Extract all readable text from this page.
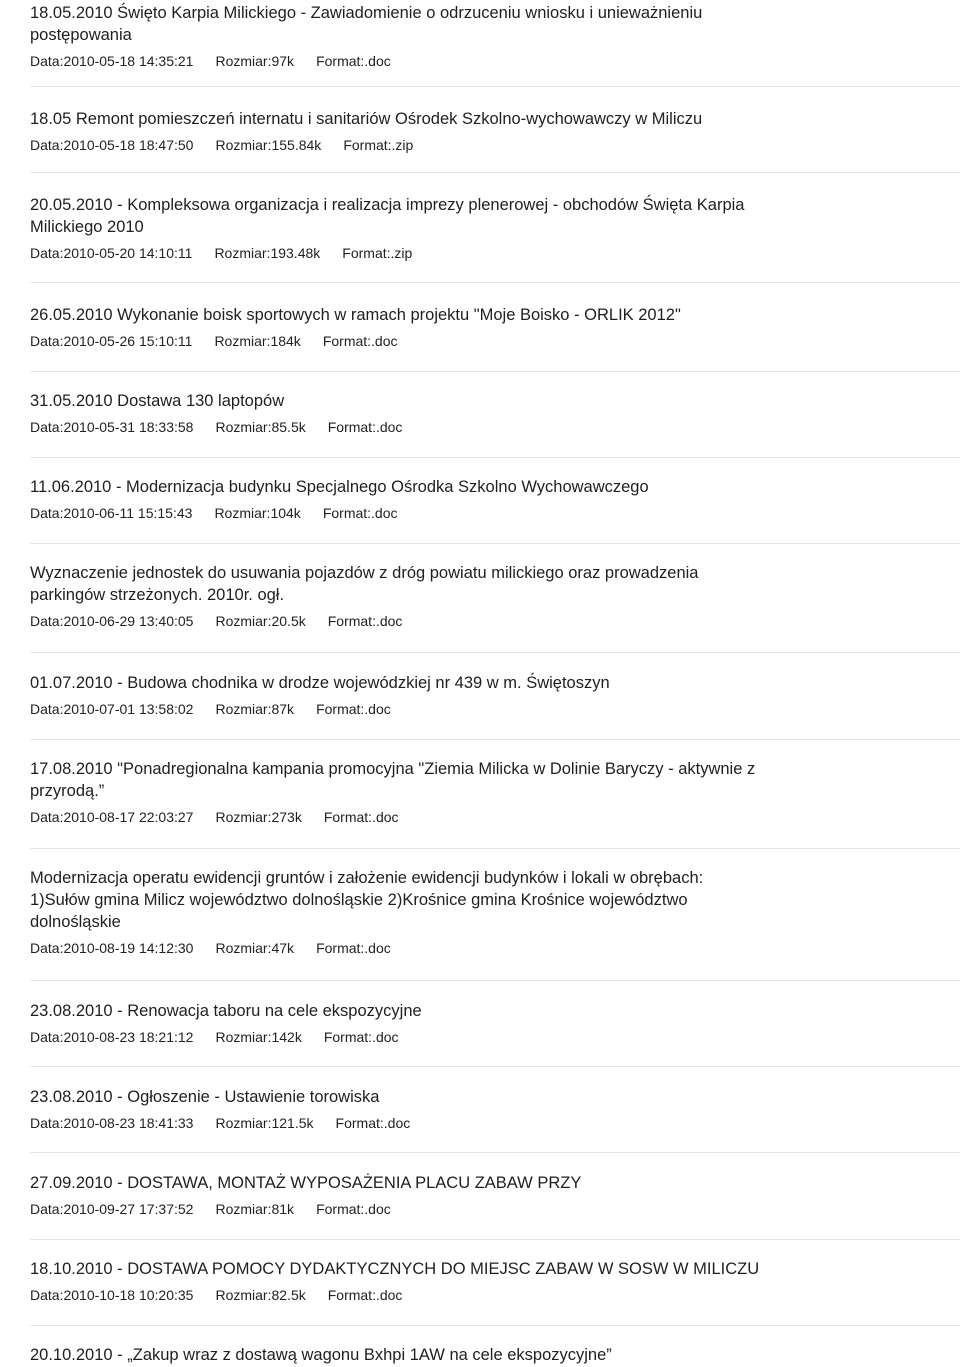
18.05.2010 Święto Karpia Milickiego - Zawiadomienie o odrzuceniu wniosku i unieważnieniu postępowania
Data:2010-05-18 14:35:21 Rozmiar:97k Format:.doc
18.05 Remont pomieszczeń internatu i sanitariów Ośrodek Szkolno-wychowawczy w Miliczu
Data:2010-05-18 18:47:50 Rozmiar:155.84k Format:.zip
20.05.2010 - Kompleksowa organizacja i realizacja imprezy plenerowej - obchodów Święta Karpia Milickiego 2010
Data:2010-05-20 14:10:11 Rozmiar:193.48k Format:.zip
26.05.2010 Wykonanie boisk sportowych w ramach projektu "Moje Boisko - ORLIK 2012"
Data:2010-05-26 15:10:11 Rozmiar:184k Format:.doc
31.05.2010 Dostawa 130 laptopów
Data:2010-05-31 18:33:58 Rozmiar:85.5k Format:.doc
11.06.2010 - Modernizacja budynku Specjalnego Ośrodka Szkolno Wychowawczego
Data:2010-06-11 15:15:43 Rozmiar:104k Format:.doc
Wyznaczenie jednostek do usuwania pojazdów z dróg powiatu milickiego oraz prowadzenia parkingów strzeżonych. 2010r. ogł.
Data:2010-06-29 13:40:05 Rozmiar:20.5k Format:.doc
01.07.2010 - Budowa chodnika w drodze wojewódzkiej nr 439 w m. Świętoszyn
Data:2010-07-01 13:58:02 Rozmiar:87k Format:.doc
17.08.2010 "Ponadregionalna kampania promocyjna "Ziemia Milicka w Dolinie Baryczy - aktywnie z przyrodą.”
Data:2010-08-17 22:03:27 Rozmiar:273k Format:.doc
Modernizacja operatu ewidencji gruntów i założenie ewidencji budynków i lokali w obrębach: 1)Sułów gmina Milicz województwo dolnośląskie 2)Krośnice gmina Krośnice województwo dolnośląskie
Data:2010-08-19 14:12:30 Rozmiar:47k Format:.doc
23.08.2010 - Renowacja taboru na cele ekspozycyjne
Data:2010-08-23 18:21:12 Rozmiar:142k Format:.doc
23.08.2010 - Ogłoszenie - Ustawienie torowiska
Data:2010-08-23 18:41:33 Rozmiar:121.5k Format:.doc
27.09.2010 - DOSTAWA, MONTAŻ WYPOSAŻENIA PLACU ZABAW PRZY
Data:2010-09-27 17:37:52 Rozmiar:81k Format:.doc
18.10.2010 - DOSTAWA POMOCY DYDAKTYCZNYCH DO MIEJSC ZABAW W SOSW W MILICZU
Data:2010-10-18 10:20:35 Rozmiar:82.5k Format:.doc
20.10.2010 - „Zakup wraz z dostawą wagonu Bxhpi 1AW na cele ekspozycyjne”
